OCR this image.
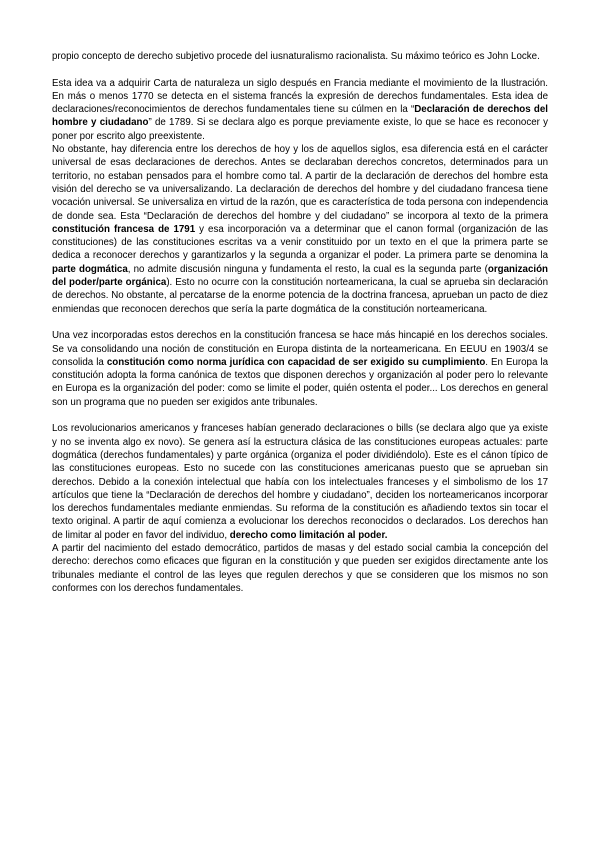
propio concepto de derecho subjetivo procede del iusnaturalismo racionalista. Su máximo teórico es John Locke.

Esta idea va a adquirir Carta de naturaleza un siglo después en Francia mediante el movimiento de la Ilustración. En más o menos 1770 se detecta en el sistema francés la expresión de derechos fundamentales. Esta idea de declaraciones/reconocimientos de derechos fundamentales tiene su cúlmen en la “Declaración de derechos del hombre y ciudadano” de 1789. Si se declara algo es porque previamente existe, lo que se hace es reconocer y poner por escrito algo preexistente.

No obstante, hay diferencia entre los derechos de hoy y los de aquellos siglos, esa diferencia está en el carácter universal de esas declaraciones de derechos. Antes se declaraban derechos concretos, determinados para un territorio, no estaban pensados para el hombre como tal. A partir de la declaración de derechos del hombre esta visión del derecho se va universalizando. La declaración de derechos del hombre y del ciudadano francesa tiene vocación universal. Se universaliza en virtud de la razón, que es característica de toda persona con independencia de donde sea. Esta “Declaración de derechos del hombre y del ciudadano” se incorpora al texto de la primera constitución francesa de 1791 y esa incorporación va a determinar que el canon formal (organización de las constituciones) de las constituciones escritas va a venir constituido por un texto en el que la primera parte se dedica a reconocer derechos y garantizarlos y la segunda a organizar el poder. La primera parte se denomina la parte dogmática, no admite discusión ninguna y fundamenta el resto, la cual es la segunda parte (organización del poder/parte orgánica). Esto no ocurre con la constitución norteamericana, la cual se aprueba sin declaración de derechos. No obstante, al percatarse de la enorme potencia de la doctrina francesa, aprueban un pacto de diez enmiendas que reconocen derechos que sería la parte dogmática de la constitución norteamericana.

Una vez incorporadas estos derechos en la constitución francesa se hace más hincapié en los derechos sociales. Se va consolidando una noción de constitución en Europa distinta de la norteamericana. En EEUU en 1903/4 se consolida la constitución como norma jurídica con capacidad de ser exigido su cumplimiento. En Europa la constitución adopta la forma canónica de textos que disponen derechos y organización al poder pero lo relevante en Europa es la organización del poder: como se limite el poder, quién ostenta el poder... Los derechos en general son un programa que no pueden ser exigidos ante tribunales.

Los revolucionarios americanos y franceses habían generado declaraciones o bills (se declara algo que ya existe y no se inventa algo ex novo). Se genera así la estructura clásica de las constituciones europeas actuales: parte dogmática (derechos fundamentales) y parte orgánica (organiza el poder dividiéndolo). Este es el cánon típico de las constituciones europeas. Esto no sucede con las constituciones americanas puesto que se aprueban sin derechos. Debido a la conexión intelectual que había con los intelectuales franceses y el simbolismo de los 17 artículos que tiene la “Declaración de derechos del hombre y ciudadano”, deciden los norteamericanos incorporar los derechos fundamentales mediante enmiendas. Su reforma de la constitución es añadiendo textos sin tocar el texto original. A partir de aquí comienza a evolucionar los derechos reconocidos o declarados. Los derechos han de limitar al poder en favor del individuo, derecho como limitación al poder.

A partir del nacimiento del estado democrático, partidos de masas y del estado social cambia la concepción del derecho: derechos como eficaces que figuran en la constitución y que pueden ser exigidos directamente ante los tribunales mediante el control de las leyes que regulen derechos y que se consideren que los mismos no son conformes con los derechos fundamentales.
